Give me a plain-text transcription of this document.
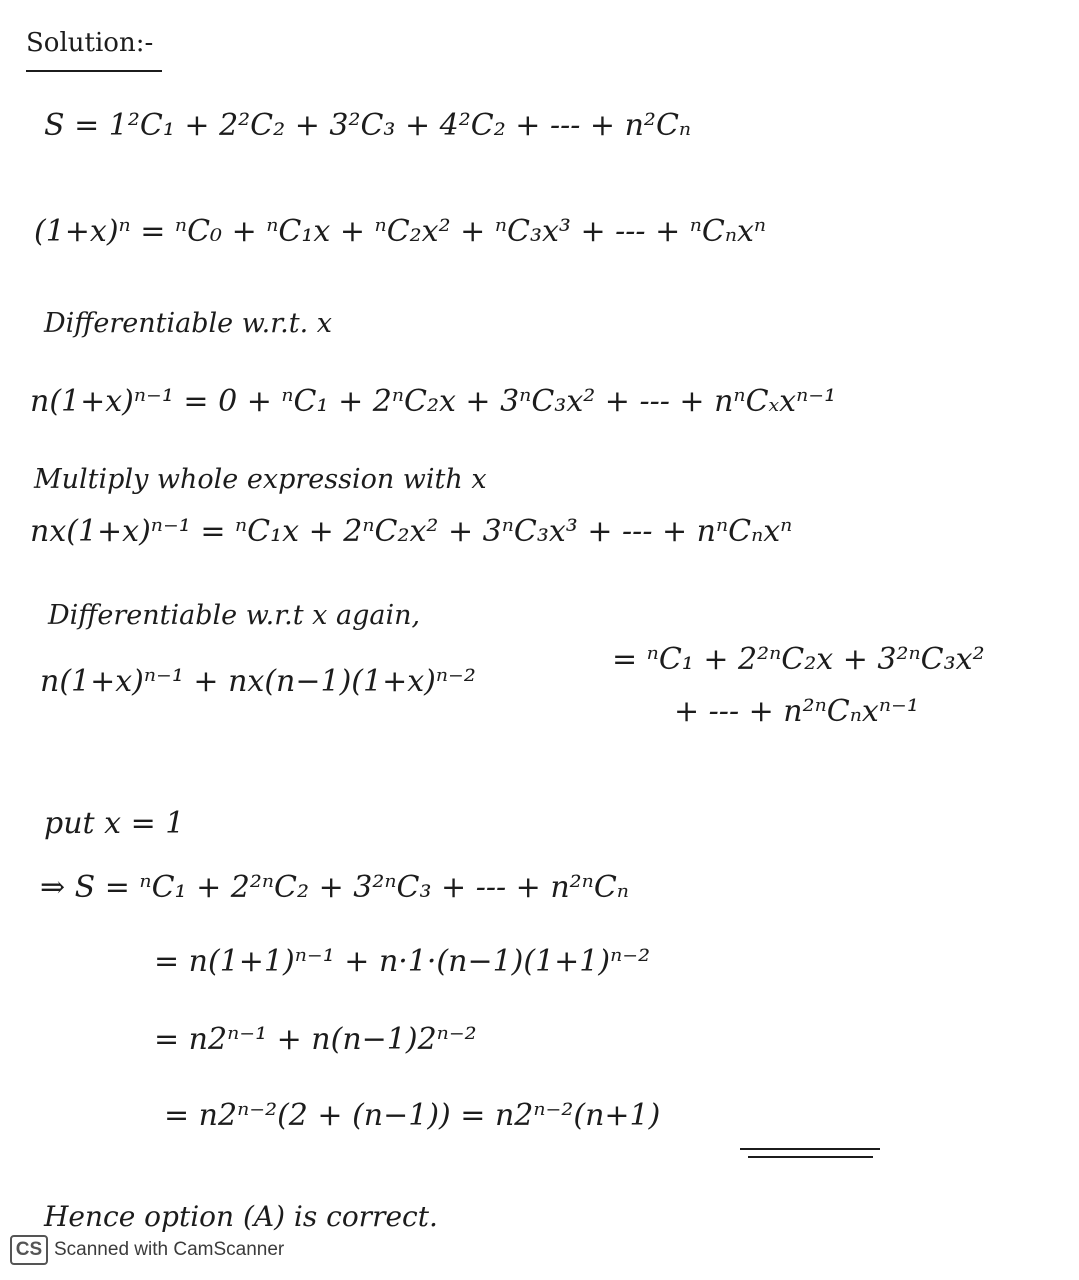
Solution:-
S = 1²C₁ + 2²C₂ + 3²C₃ + 4²C₂ + --- + n²Cₙ
(1+x)ⁿ = ⁿC₀ + ⁿC₁x + ⁿC₂x² + ⁿC₃x³ + --- + ⁿCₙxⁿ
Differentiable w.r.t. x
n(1+x)ⁿ⁻¹ = 0 + ⁿC₁ + 2ⁿC₂x + 3ⁿC₃x² + --- + nⁿCₓxⁿ⁻¹
Multiply whole expression with x
nx(1+x)ⁿ⁻¹ = ⁿC₁x + 2ⁿC₂x² + 3ⁿC₃x³ + --- + nⁿCₙxⁿ
Differentiable w.r.t x again,
n(1+x)ⁿ⁻¹ + nx(n−1)(1+x)ⁿ⁻²
= ⁿC₁ + 2²ⁿC₂x + 3²ⁿC₃x²
+ --- + n²ⁿCₙxⁿ⁻¹
put x = 1
⇒ S = ⁿC₁ + 2²ⁿC₂ + 3²ⁿC₃ + --- + n²ⁿCₙ
= n(1+1)ⁿ⁻¹ + n·1·(n−1)(1+1)ⁿ⁻²
= n2ⁿ⁻¹ + n(n−1)2ⁿ⁻²
= n2ⁿ⁻²(2 + (n−1)) = n2ⁿ⁻²(n+1)
Hence option (A) is correct.
CS Scanned with CamScanner
